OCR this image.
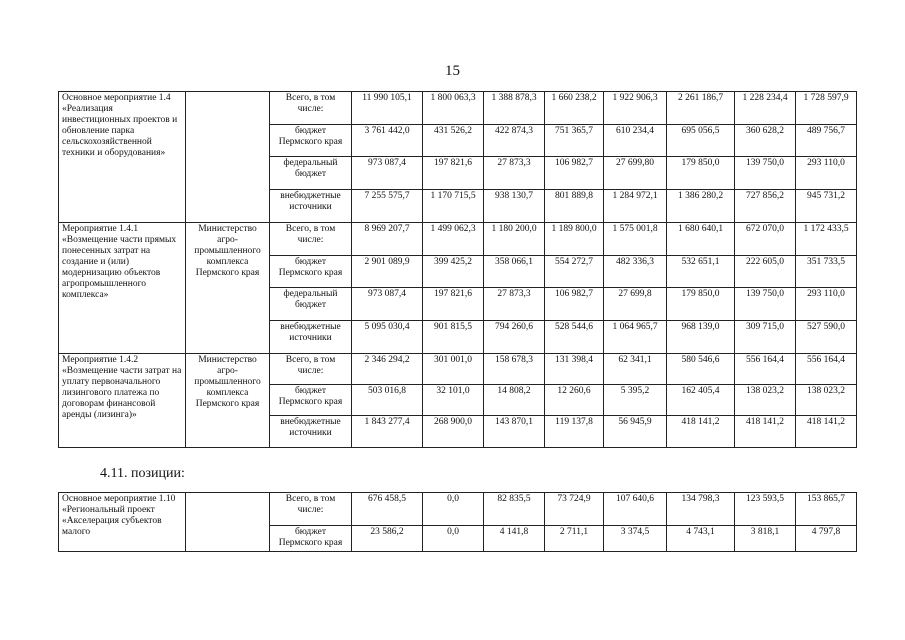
15
Основное мероприятие 1.4 «Реализация инвестиционных проектов и обновление парка сельскохозяйственной техники и оборудования»		Всего, в том числе:	11 990 105,1	1 800 063,3	1 388 878,3	1 660 238,2	1 922 906,3	2 261 186,7	1 228 234,4	1 728 597,9
		бюджет Пермского края	3 761 442,0	431 526,2	422 874,3	751 365,7	610 234,4	695 056,5	360 628,2	489 756,7
		федеральный бюджет	973 087,4	197 821,6	27 873,3	106 982,7	27 699,80	179 850,0	139 750,0	293 110,0
		внебюджетные источники	7 255 575,7	1 170 715,5	938 130,7	801 889,8	1 284 972,1	1 386 280,2	727 856,2	945 731,2
Мероприятие 1.4.1 «Возмещение части прямых понесенных затрат на создание и (или) модернизацию объектов агропромышленного комплекса»	Министерство агро-промышленного комплекса Пермского края	Всего, в том числе:	8 969 207,7	1 499 062,3	1 180 200,0	1 189 800,0	1 575 001,8	1 680 640,1	672 070,0	1 172 433,5
		бюджет Пермского края	2 901 089,9	399 425,2	358 066,1	554 272,7	482 336,3	532 651,1	222 605,0	351 733,5
		федеральный бюджет	973 087,4	197 821,6	27 873,3	106 982,7	27 699,8	179 850,0	139 750,0	293 110,0
		внебюджетные источники	5 095 030,4	901 815,5	794 260,6	528 544,6	1 064 965,7	968 139,0	309 715,0	527 590,0
Мероприятие 1.4.2 «Возмещение части затрат на уплату первоначального лизингового платежа по договорам финансовой аренды (лизинга)»	Министерство агро-промышленного комплекса Пермского края	Всего, в том числе:	2 346 294,2	301 001,0	158 678,3	131 398,4	62 341,1	580 546,6	556 164,4	556 164,4
		бюджет Пермского края	503 016,8	32 101,0	14 808,2	12 260,6	5 395,2	162 405,4	138 023,2	138 023,2
		внебюджетные источники	1 843 277,4	268 900,0	143 870,1	119 137,8	56 945,9	418 141,2	418 141,2	418 141,2
4.11. позиции:
Основное мероприятие 1.10 «Региональный проект «Акселерация субъектов малого		Всего, в том числе:	676 458,5	0,0	82 835,5	73 724,9	107 640,6	134 798,3	123 593,5	153 865,7
		бюджет Пермского края	23 586,2	0,0	4 141,8	2 711,1	3 374,5	4 743,1	3 818,1	4 797,8
